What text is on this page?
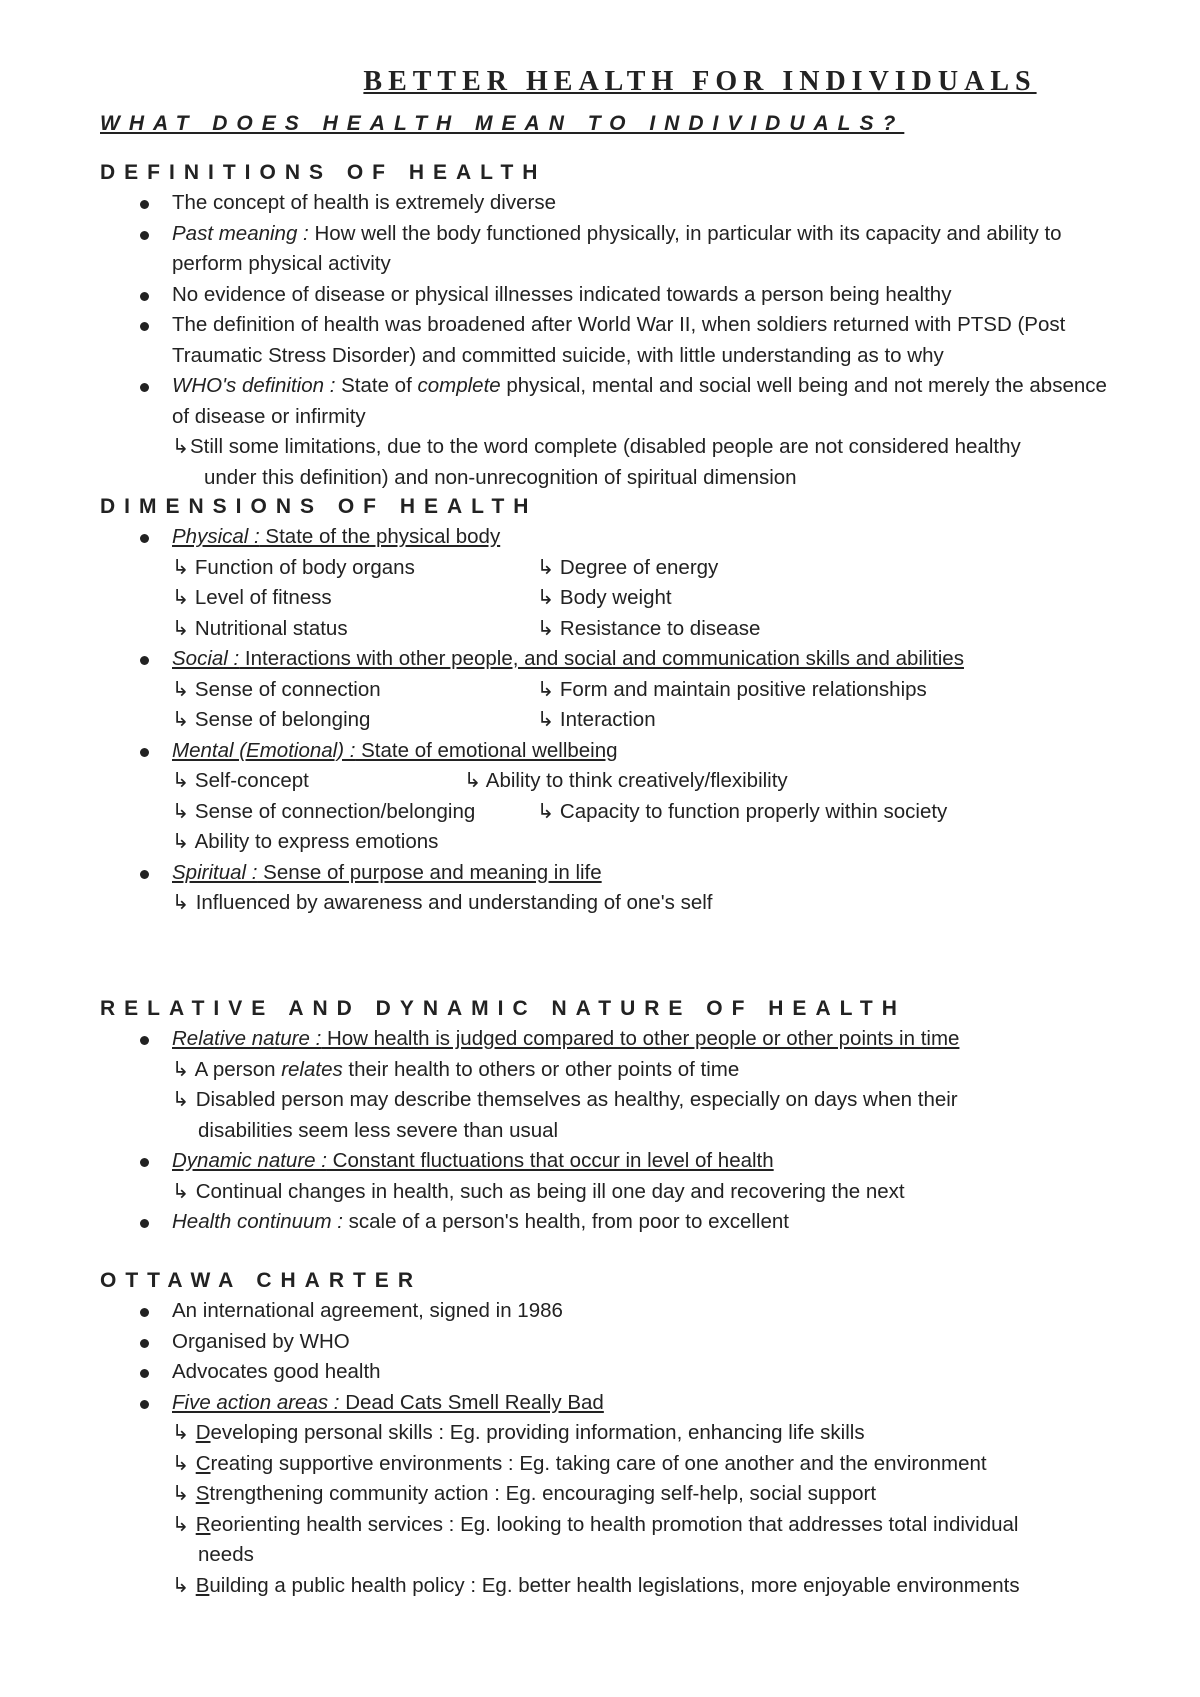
BETTER HEALTH FOR INDIVIDUALS
WHAT DOES HEALTH MEAN TO INDIVIDUALS?
DEFINITIONS OF HEALTH
The concept of health is extremely diverse
Past meaning : How well the body functioned physically, in particular with its capacity and ability to perform physical activity
No evidence of disease or physical illnesses indicated towards a person being healthy
The definition of health was broadened after World War II, when soldiers returned with PTSD (Post Traumatic Stress Disorder) and committed suicide, with little understanding as to why
WHO's definition : State of complete physical, mental and social well being and not merely the absence of disease or infirmity
↳Still some limitations, due to the word complete (disabled people are not considered healthy
under this definition) and non-unrecognition of spiritual dimension
DIMENSIONS OF HEALTH
Physical : State of the physical body
↳ Function of body organs	↳ Degree of energy
↳ Level of fitness	↳ Body weight
↳ Nutritional status	↳ Resistance to disease
Social : Interactions with other people, and social and communication skills and abilities
↳ Sense of connection	↳ Form and maintain positive relationships
↳ Sense of belonging	↳ Interaction
Mental (Emotional) : State of emotional wellbeing
↳ Self-concept	↳ Ability to think creatively/flexibility
↳ Sense of connection/belonging	↳ Capacity to function properly within society
↳ Ability to express emotions
Spiritual : Sense of purpose and meaning in life
↳ Influenced by awareness and understanding of one's self
RELATIVE AND DYNAMIC NATURE OF HEALTH
Relative nature : How health is judged compared to other people or other points in time
↳ A person relates their health to others or other points of time
↳ Disabled person may describe themselves as healthy, especially on days when their
disabilities seem less severe than usual
Dynamic nature : Constant fluctuations that occur in level of health
↳ Continual changes in health, such as being ill one day and recovering the next
Health continuum : scale of a person's health, from poor to excellent
OTTAWA CHARTER
An international agreement, signed in 1986
Organised by WHO
Advocates good health
Five action areas : Dead Cats Smell Really Bad
↳ Developing personal skills : Eg. providing information, enhancing life skills
↳ Creating supportive environments : Eg. taking care of one another and the environment
↳ Strengthening community action : Eg. encouraging self-help, social support
↳ Reorienting health services : Eg. looking to health promotion that addresses total individual
needs
↳ Building a public health policy : Eg. better health legislations, more enjoyable environments
